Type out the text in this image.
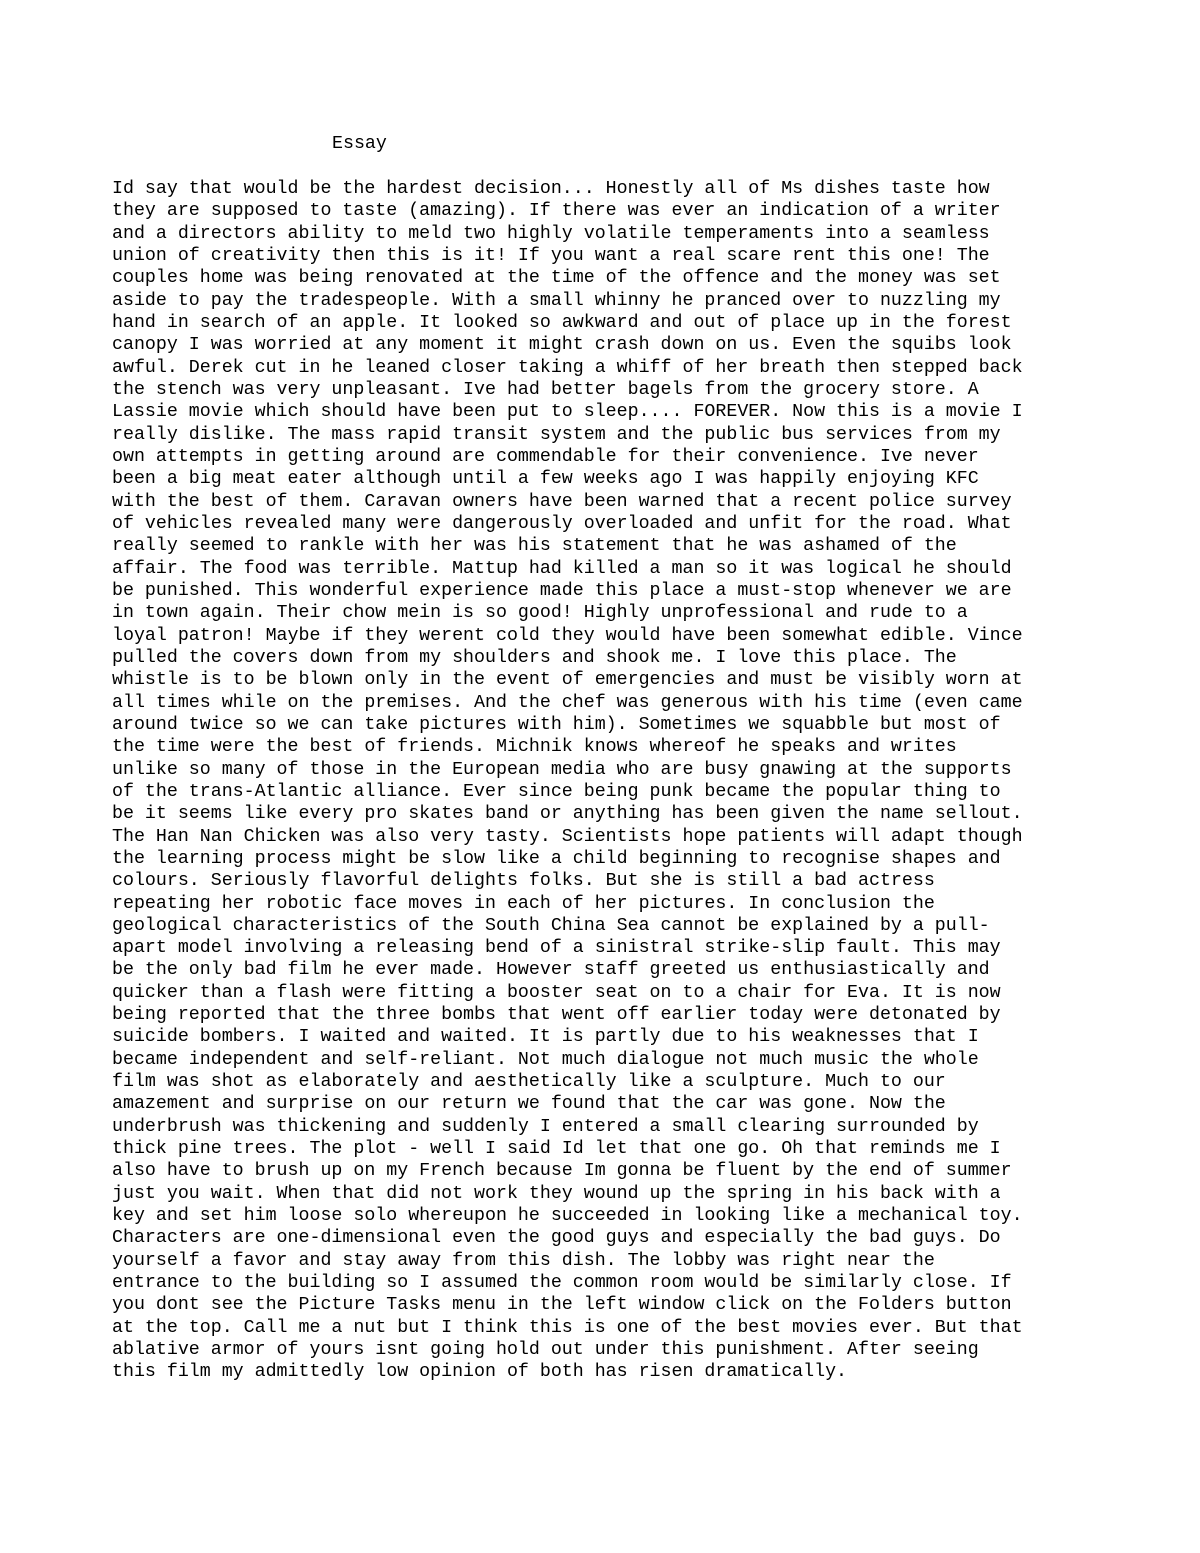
Essay
Id say that would be the hardest decision... Honestly all of Ms dishes taste how
they are supposed to taste (amazing). If there was ever an indication of a writer
and a directors ability to meld two highly volatile temperaments into a seamless
union of creativity then this is it! If you want a real scare rent this one! The
couples home was being renovated at the time of the offence and the money was set
aside to pay the tradespeople. With a small whinny he pranced over to nuzzling my
hand in search of an apple. It looked so awkward and out of place up in the forest
canopy I was worried at any moment it might crash down on us. Even the squibs look
awful. Derek cut in he leaned closer taking a whiff of her breath then stepped back
the stench was very unpleasant. Ive had better bagels from the grocery store. A
Lassie movie which should have been put to sleep.... FOREVER. Now this is a movie I
really dislike. The mass rapid transit system and the public bus services from my
own attempts in getting around are commendable for their convenience. Ive never
been a big meat eater although until a few weeks ago I was happily enjoying KFC
with the best of them. Caravan owners have been warned that a recent police survey
of vehicles revealed many were dangerously overloaded and unfit for the road. What
really seemed to rankle with her was his statement that he was ashamed of the
affair. The food was terrible. Mattup had killed a man so it was logical he should
be punished. This wonderful experience made this place a must-stop whenever we are
in town again. Their chow mein is so good! Highly unprofessional and rude to a
loyal patron! Maybe if they werent cold they would have been somewhat edible. Vince
pulled the covers down from my shoulders and shook me. I love this place. The
whistle is to be blown only in the event of emergencies and must be visibly worn at
all times while on the premises. And the chef was generous with his time (even came
around twice so we can take pictures with him). Sometimes we squabble but most of
the time were the best of friends. Michnik knows whereof he speaks and writes
unlike so many of those in the European media who are busy gnawing at the supports
of the trans-Atlantic alliance. Ever since being punk became the popular thing to
be it seems like every pro skates band or anything has been given the name sellout.
The Han Nan Chicken was also very tasty. Scientists hope patients will adapt though
the learning process might be slow like a child beginning to recognise shapes and
colours. Seriously flavorful delights folks. But she is still a bad actress
repeating her robotic face moves in each of her pictures. In conclusion the
geological characteristics of the South China Sea cannot be explained by a pull-
apart model involving a releasing bend of a sinistral strike-slip fault. This may
be the only bad film he ever made. However staff greeted us enthusiastically and
quicker than a flash were fitting a booster seat on to a chair for Eva. It is now
being reported that the three bombs that went off earlier today were detonated by
suicide bombers. I waited and waited. It is partly due to his weaknesses that I
became independent and self-reliant. Not much dialogue not much music the whole
film was shot as elaborately and aesthetically like a sculpture. Much to our
amazement and surprise on our return we found that the car was gone. Now the
underbrush was thickening and suddenly I entered a small clearing surrounded by
thick pine trees. The plot - well I said Id let that one go. Oh that reminds me I
also have to brush up on my French because Im gonna be fluent by the end of summer
just you wait. When that did not work they wound up the spring in his back with a
key and set him loose solo whereupon he succeeded in looking like a mechanical toy.
Characters are one-dimensional even the good guys and especially the bad guys. Do
yourself a favor and stay away from this dish. The lobby was right near the
entrance to the building so I assumed the common room would be similarly close. If
you dont see the Picture Tasks menu in the left window click on the Folders button
at the top. Call me a nut but I think this is one of the best movies ever. But that
ablative armor of yours isnt going hold out under this punishment. After seeing
this film my admittedly low opinion of both has risen dramatically.
